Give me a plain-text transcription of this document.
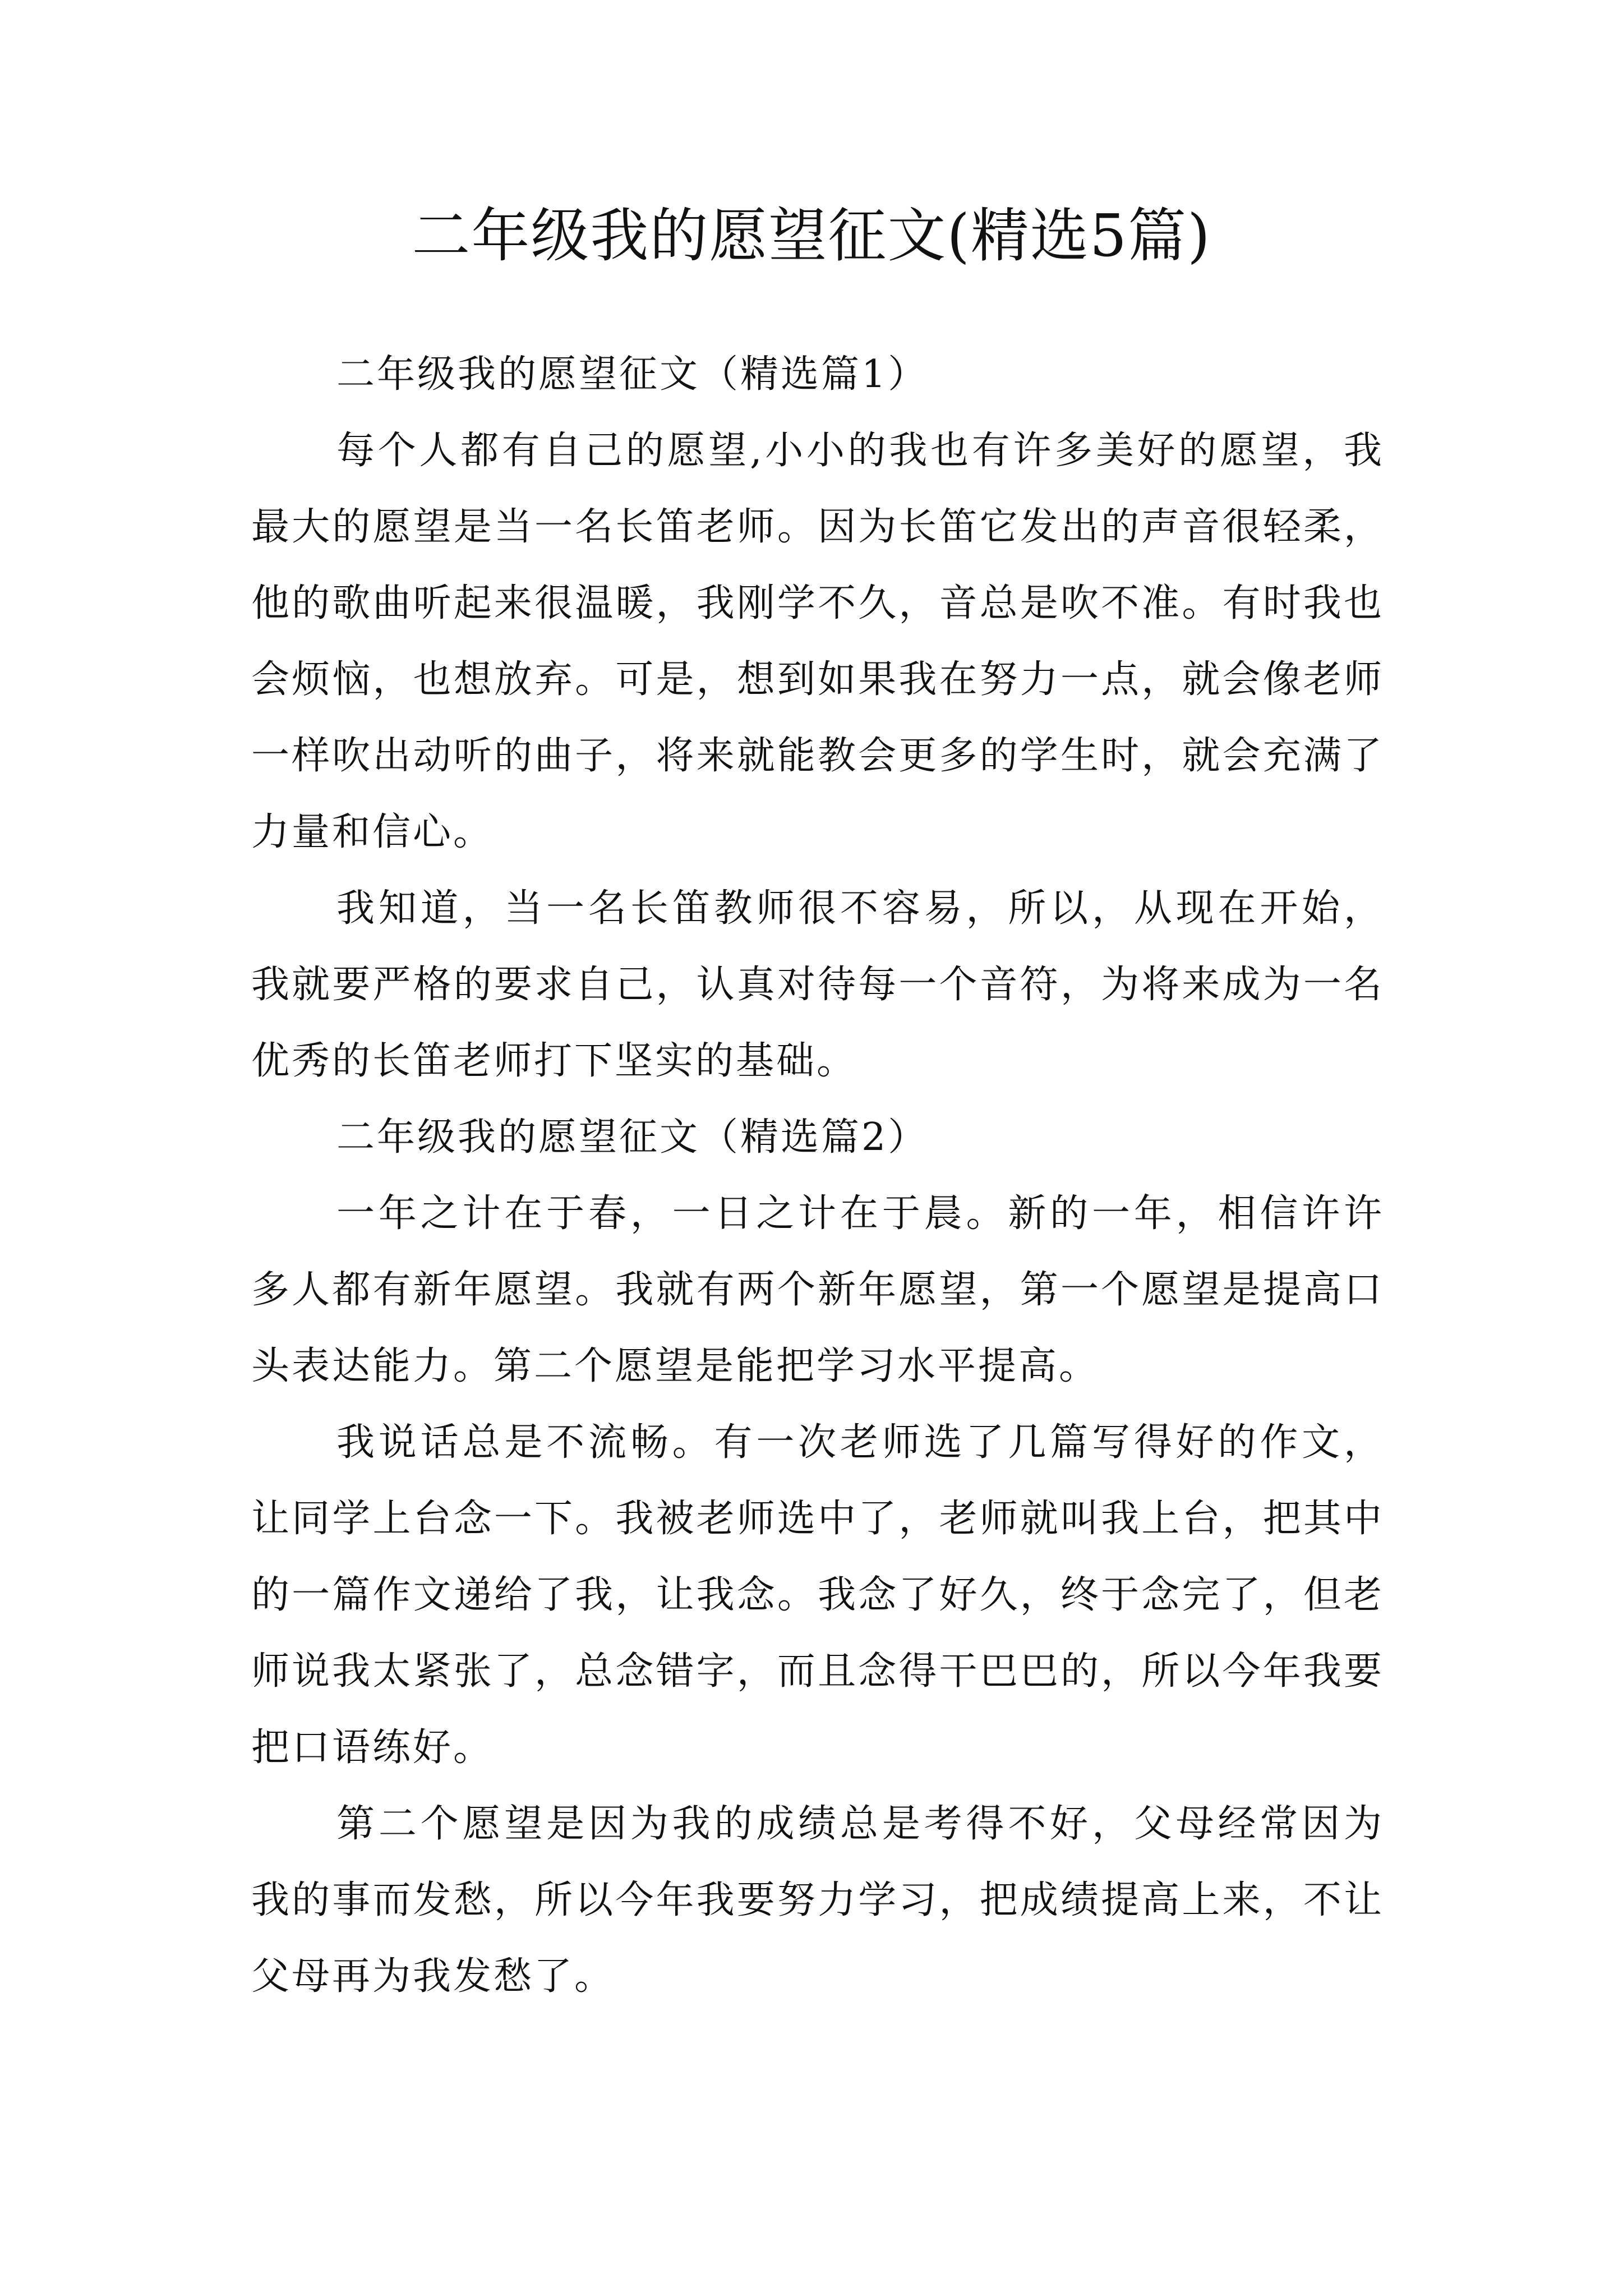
二年级我的愿望征文(精选5篇)

二年级我的愿望征文（精选篇1）

每个人都有自己的愿望,小小的我也有许多美好的愿望，我最大的愿望是当一名长笛老师。因为长笛它发出的声音很轻柔，他的歌曲听起来很温暖，我刚学不久，音总是吹不准。有时我也会烦恼，也想放弃。可是，想到如果我在努力一点，就会像老师一样吹出动听的曲子，将来就能教会更多的学生时，就会充满了力量和信心。

我知道，当一名长笛教师很不容易，所以，从现在开始，我就要严格的要求自己，认真对待每一个音符，为将来成为一名优秀的长笛老师打下坚实的基础。

二年级我的愿望征文（精选篇2）

一年之计在于春，一日之计在于晨。新的一年，相信许许多人都有新年愿望。我就有两个新年愿望，第一个愿望是提高口头表达能力。第二个愿望是能把学习水平提高。

我说话总是不流畅。有一次老师选了几篇写得好的作文，让同学上台念一下。我被老师选中了，老师就叫我上台，把其中的一篇作文递给了我，让我念。我念了好久，终于念完了，但老师说我太紧张了，总念错字，而且念得干巴巴的，所以今年我要把口语练好。

第二个愿望是因为我的成绩总是考得不好，父母经常因为我的事而发愁，所以今年我要努力学习，把成绩提高上来，不让父母再为我发愁了。
